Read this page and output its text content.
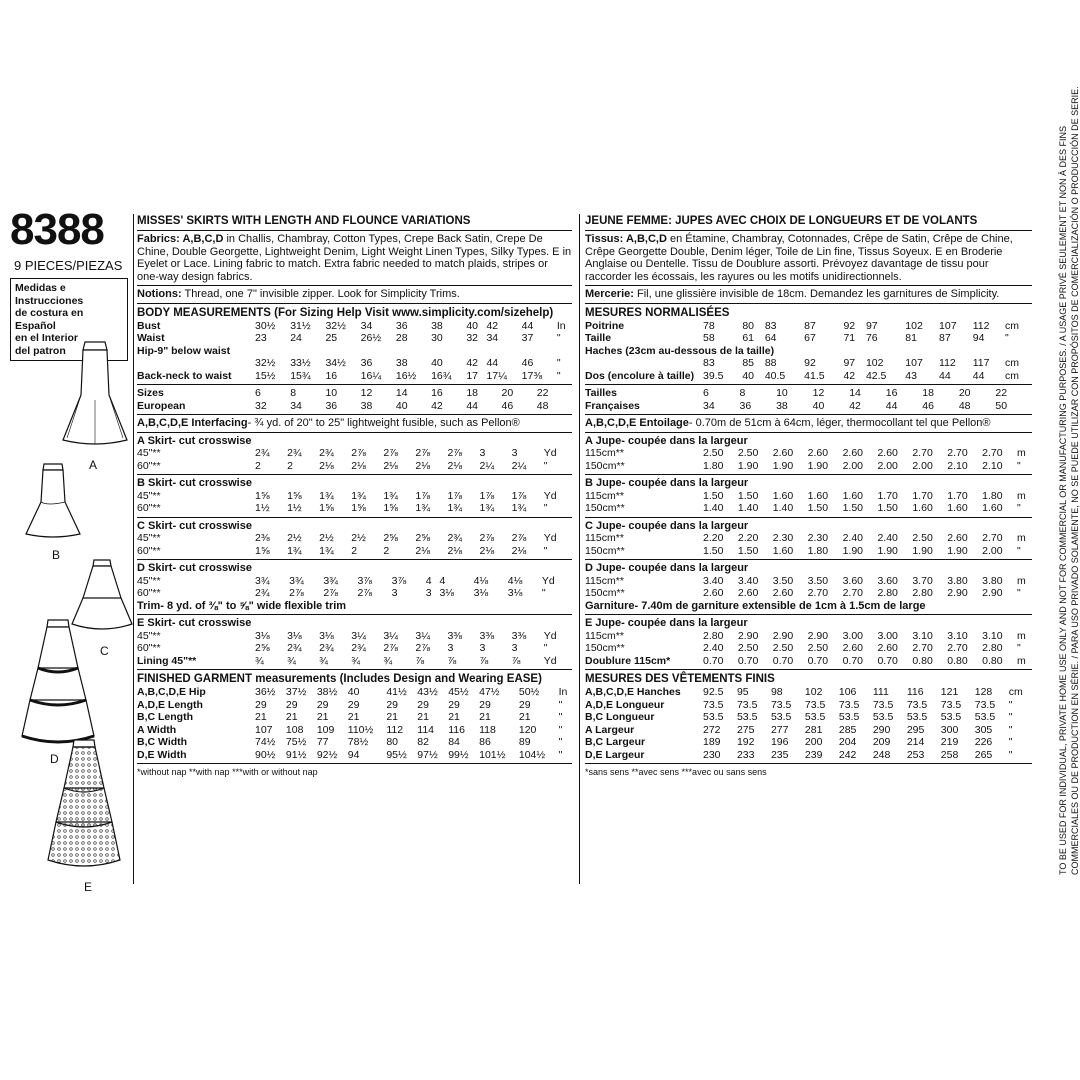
8388
9 PIECES/PIEZAS
Medidas e Instrucciones
de costura en Español
en el Interior
del patron
A
B
C
D
E
MISSES' SKIRTS WITH LENGTH AND FLOUNCE VARIATIONS
Fabrics: A,B,C,D in Challis, Chambray, Cotton Types, Crepe Back Satin, Crepe De Chine, Double Georgette, Lightweight Denim, Light Weight Linen Types, Silky Types. E in Eyelet or Lace. Lining fabric to match. Extra fabric needed to match plaids, stripes or one-way design fabrics.
Notions: Thread, one 7" invisible zipper. Look for Simplicity Trims.
BODY MEASUREMENTS (For Sizing Help Visit www.simplicity.com/sizehelp)
Bust	30½	31½	32½	34	36	38	40	42	44	In
Waist	23	24	25	26½	28	30	32	34	37	"
Hip-9" below waist										
	32½	33½	34½	36	38	40	42	44	46	"
Back-neck to waist	15½	15¾	16	16¼	16½	16¾	17	17¼	17⅜	"
Sizes	6	8	10	12	14	16	18	20	22	
European	32	34	36	38	40	42	44	46	48	
A,B,C,D,E Interfacing- ¾ yd. of 20" to 25" lightweight fusible, such as Pellon®
A Skirt- cut crosswise
45"**	2¾	2¾	2¾	2⅞	2⅞	2⅞	2⅞	3	3	Yd
60"**	2	2	2⅛	2⅛	2⅛	2⅛	2⅛	2¼	2¼	"
B Skirt- cut crosswise
45"**	1⅝	1⅝	1¾	1¾	1¾	1⅞	1⅞	1⅞	1⅞	Yd
60"**	1½	1½	1⅝	1⅝	1⅝	1¾	1¾	1¾	1¾	"
C Skirt- cut crosswise
45"**	2⅜	2½	2½	2½	2⅝	2⅝	2¾	2⅞	2⅞	Yd
60"**	1⅝	1¾	1¾	2	2	2⅛	2⅛	2⅛	2⅛	"
D Skirt- cut crosswise
45"**	3¾	3¾	3¾	3⅞	3⅞	4	4	4⅛	4⅛	Yd
60"**	2¾	2⅞	2⅞	2⅞	3	3	3⅛	3⅛	3⅛	"
Trim- 8 yd. of ⅜" to ⅝" wide flexible trim
E Skirt- cut crosswise
45"**	3⅛	3⅛	3⅛	3¼	3¼	3¼	3⅜	3⅜	3⅜	Yd
60"**	2⅝	2¾	2¾	2¾	2⅞	2⅞	3	3	3	"
Lining 45"**	¾	¾	¾	¾	¾	⅞	⅞	⅞	⅞	Yd
FINISHED GARMENT measurements (Includes Design and Wearing EASE)
A,B,C,D,E Hip	36½	37½	38½	40	41½	43½	45½	47½	50½	In
A,D,E Length	29	29	29	29	29	29	29	29	29	"
B,C Length	21	21	21	21	21	21	21	21	21	"
A Width	107	108	109	110½	112	114	116	118	120	"
B,C Width	74½	75½	77	78½	80	82	84	86	89	"
D,E Width	90½	91½	92½	94	95½	97½	99½	101½	104½	"
*without nap **with nap ***with or without nap
JEUNE FEMME: JUPES AVEC CHOIX DE LONGUEURS ET DE VOLANTS
Tissus: A,B,C,D en Étamine, Chambray, Cotonnades, Crêpe de Satin, Crêpe de Chine, Crêpe Georgette Double, Denim léger, Toile de Lin fine, Tissus Soyeux. E en Broderie Anglaise ou Dentelle. Tissu de Doublure assorti. Prévoyez davantage de tissu pour raccorder les écossais, les rayures ou les motifs unidirectionnels.
Mercerie: Fil, une glissière invisible de 18cm. Demandez les garnitures de Simplicity.
MESURES NORMALISÉES
Poitrine	78	80	83	87	92	97	102	107	112	cm
Taille	58	61	64	67	71	76	81	87	94	"
Haches (23cm au-dessous de la taille)										
	83	85	88	92	97	102	107	112	117	cm
Dos (encolure à taille)	39.5	40	40.5	41.5	42	42.5	43	44	44	cm
Tailles	6	8	10	12	14	16	18	20	22	
Françaises	34	36	38	40	42	44	46	48	50	
A,B,C,D,E Entoilage- 0.70m de 51cm à 64cm, léger, thermocollant tel que Pellon®
A Jupe- coupée dans la largeur
115cm**	2.50	2.50	2.60	2.60	2.60	2.60	2.70	2.70	2.70	m
150cm**	1.80	1.90	1.90	1.90	2.00	2.00	2.00	2.10	2.10	"
B Jupe- coupée dans la largeur
115cm**	1.50	1.50	1.60	1.60	1.60	1.70	1.70	1.70	1.80	m
150cm**	1.40	1.40	1.40	1.50	1.50	1.50	1.60	1.60	1.60	"
C Jupe- coupée dans la largeur
115cm**	2.20	2.20	2.30	2.30	2.40	2.40	2.50	2.60	2.70	m
150cm**	1.50	1.50	1.60	1.80	1.90	1.90	1.90	1.90	2.00	"
D Jupe- coupée dans la largeur
115cm**	3.40	3.40	3.50	3.50	3.60	3.60	3.70	3.80	3.80	m
150cm**	2.60	2.60	2.60	2.70	2.70	2.80	2.80	2.90	2.90	"
Garniture- 7.40m de garniture extensible de 1cm à 1.5cm de large
E Jupe- coupée dans la largeur
115cm**	2.80	2.90	2.90	2.90	3.00	3.00	3.10	3.10	3.10	m
150cm**	2.40	2.50	2.50	2.50	2.60	2.60	2.70	2.70	2.80	"
Doublure 115cm*	0.70	0.70	0.70	0.70	0.70	0.70	0.80	0.80	0.80	m
MESURES DES VÊTEMENTS FINIS
A,B,C,D,E Hanches	92.5	95	98	102	106	111	116	121	128	cm
A,D,E Longueur	73.5	73.5	73.5	73.5	73.5	73.5	73.5	73.5	73.5	"
B,C Longueur	53.5	53.5	53.5	53.5	53.5	53.5	53.5	53.5	53.5	"
A Largeur	272	275	277	281	285	290	295	300	305	"
B,C Largeur	189	192	196	200	204	209	214	219	226	"
D,E Largeur	230	233	235	239	242	248	253	258	265	"
*sans sens **avec sens ***avec ou sans sens	TO BE USED FOR INDIVIDUAL, PRIVATE HOME USE ONLY AND NOT FOR COMMERCIAL OR MANUFACTURING PURPOSES. / A USAGE PRIVÉ SEULEMENT ET NON À DES FINS COMMERCIALES OU DE PRODUCTION EN SÉRIE. / PARA USO PRIVADO SOLAMENTE, NO SE PUEDE UTILIZAR CON PROPÓSITOS DE COMERCIALIZACIÓN O PRODUCCIÓN DE SERIE.
